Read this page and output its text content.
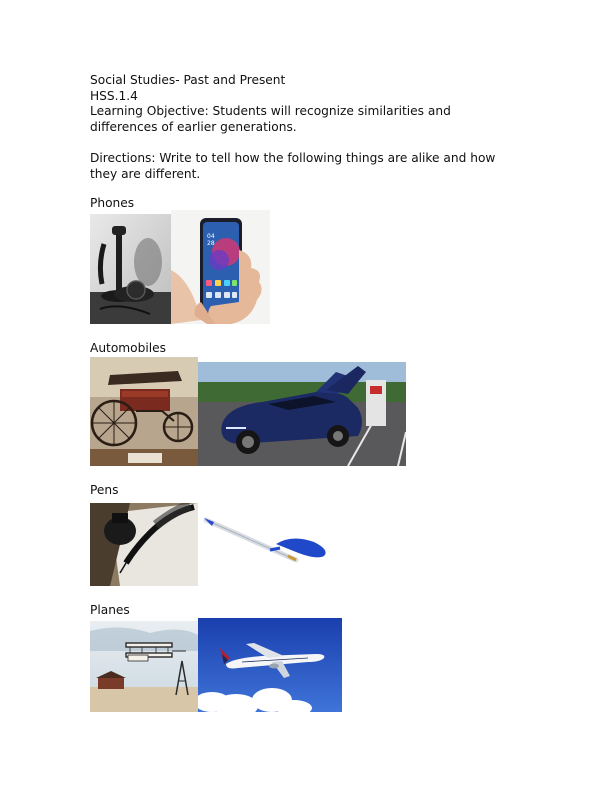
Social Studies- Past and Present
HSS.1.4
Learning Objective: Students will recognize similarities and differences of earlier generations.
Directions: Write to tell how the following things are alike and how they are different.
Phones
04
28
Automobiles
Pens
Planes
